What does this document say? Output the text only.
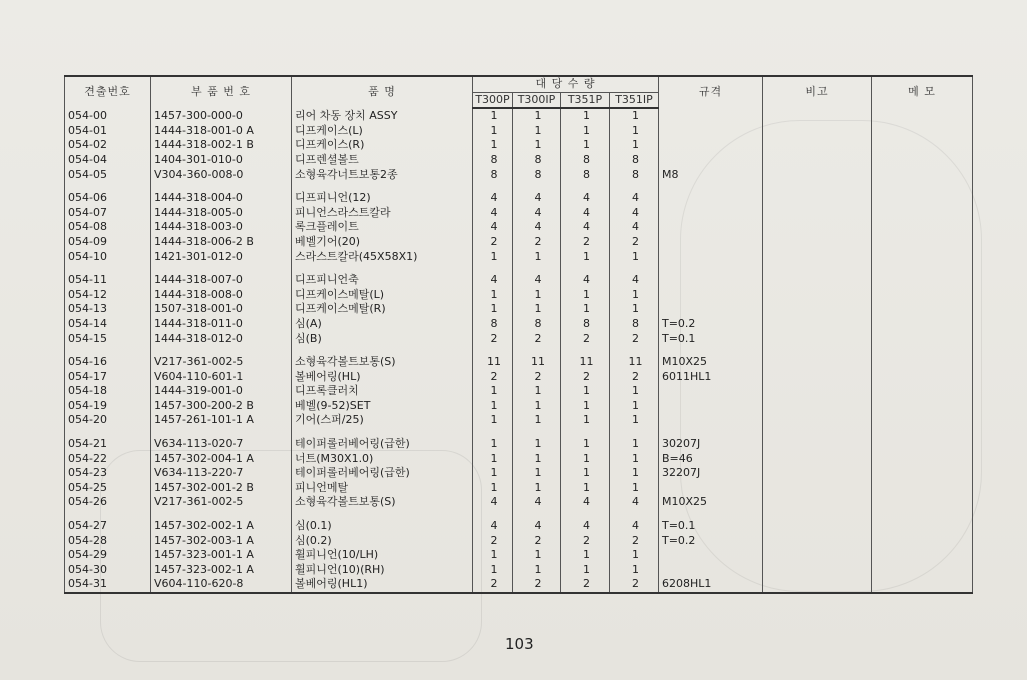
견출번호	부 품 번 호	품 명	대 당 수 량				규격	비고	메 모
			T300P	T300IP	T351P	T351IP			
054-00	1457-300-000-0	리어 차동 장치 ASSY	1	1	1	1			
054-01	1444-318-001-0 A	디프케이스(L)	1	1	1	1			
054-02	1444-318-002-1 B	디프케이스(R)	1	1	1	1			
054-04	1404-301-010-0	디프렌셜볼트	8	8	8	8			
054-05	V304-360-008-0	소형육각너트보통2종	8	8	8	8	M8		

054-06	1444-318-004-0	디프피니언(12)	4	4	4	4			
054-07	1444-318-005-0	피니언스라스트칼라	4	4	4	4			
054-08	1444-318-003-0	록크플레이트	4	4	4	4			
054-09	1444-318-006-2 B	베벨기어(20)	2	2	2	2			
054-10	1421-301-012-0	스라스트칼라(45X58X1)	1	1	1	1			

054-11	1444-318-007-0	디프피니언축	4	4	4	4			
054-12	1444-318-008-0	디프케이스메탈(L)	1	1	1	1			
054-13	1507-318-001-0	디프케이스메탈(R)	1	1	1	1			
054-14	1444-318-011-0	심(A)	8	8	8	8	T=0.2		
054-15	1444-318-012-0	심(B)	2	2	2	2	T=0.1		

054-16	V217-361-002-5	소형육각볼트보통(S)	11	11	11	11	M10X25		
054-17	V604-110-601-1	볼베어링(HL)	2	2	2	2	6011HL1		
054-18	1444-319-001-0	디프록클러치	1	1	1	1			
054-19	1457-300-200-2 B	베벨(9-52)SET	1	1	1	1			
054-20	1457-261-101-1 A	기어(스퍼/25)	1	1	1	1			

054-21	V634-113-020-7	테이퍼롤러베어링(급한)	1	1	1	1	30207J		
054-22	1457-302-004-1 A	너트(M30X1.0)	1	1	1	1	B=46		
054-23	V634-113-220-7	테이퍼롤러베어링(급한)	1	1	1	1	32207J		
054-25	1457-302-001-2 B	피니언메탈	1	1	1	1			
054-26	V217-361-002-5	소형육각볼트보통(S)	4	4	4	4	M10X25		

054-27	1457-302-002-1 A	심(0.1)	4	4	4	4	T=0.1		
054-28	1457-302-003-1 A	심(0.2)	2	2	2	2	T=0.2		
054-29	1457-323-001-1 A	휠피니언(10/LH)	1	1	1	1			
054-30	1457-323-002-1 A	휠피니언(10)(RH)	1	1	1	1			
054-31	V604-110-620-8	볼베어링(HL1)	2	2	2	2	6208HL1		
103
